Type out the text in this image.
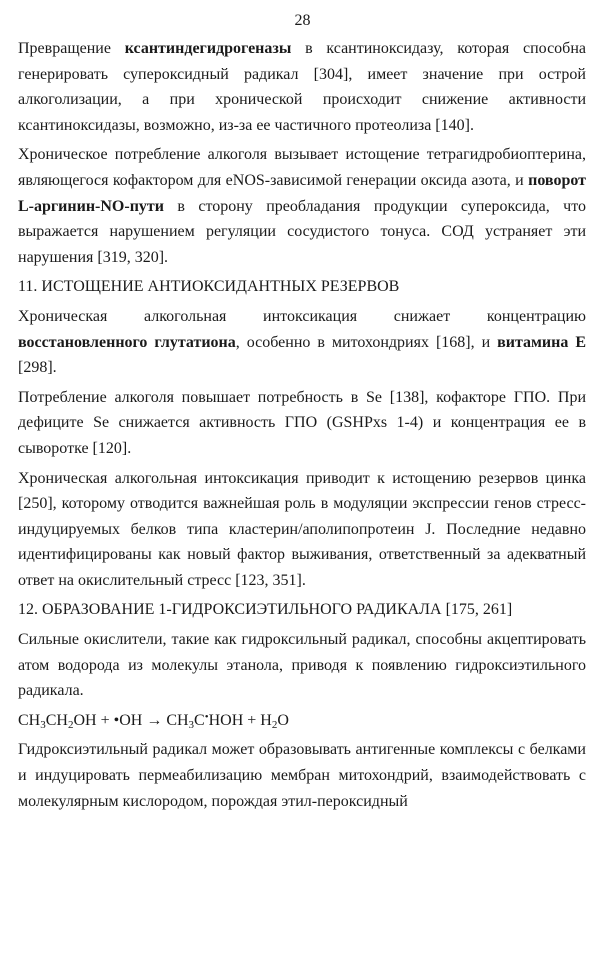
28

Превращение ксантиндегидрогеназы в ксантиноксидазу, которая способна генерировать супероксидный радикал [304], имеет значение при острой алкоголизации, а при хронической происходит снижение активности ксантиноксидазы, возможно, из-за ее частичного протеолиза [140].

Хроническое потребление алкоголя вызывает истощение тетрагидробиоптерина, являющегося кофактором для eNOS-зависимой генерации оксида азота, и поворот L-аргинин-NO-пути в сторону преобладания продукции супероксида, что выражается нарушением регуляции сосудистого тонуса. СОД устраняет эти нарушения [319, 320].

11. ИСТОЩЕНИЕ АНТИОКСИДАНТНЫХ РЕЗЕРВОВ

Хроническая алкогольная интоксикация снижает концентрацию восстановленного глутатиона, особенно в митохондриях [168], и витамина Е [298].

Потребление алкоголя повышает потребность в Se [138], кофакторе ГПО. При дефиците Se снижается активность ГПО (GSHPxs 1-4) и концентрация ее в сыворотке [120].

Хроническая алкогольная интоксикация приводит к истощению резервов цинка [250], которому отводится важнейшая роль в модуляции экспрессии генов стресс-индуцируемых белков типа кластерин/аполипопротеин J. Последние недавно идентифицированы как новый фактор выживания, ответственный за адекватный ответ на окислительный стресс [123, 351].

12. ОБРАЗОВАНИЕ 1-ГИДРОКСИЭТИЛЬНОГО РАДИКАЛА [175, 261]

Сильные окислители, такие как гидроксильный радикал, способны акцептировать атом водорода из молекулы этанола, приводя к появлению гидроксиэтильного радикала.

$CH_3CH_2OH$ + •OH → $CH_3C^•HOH + H_2O$

Гидроксиэтильный радикал может образовывать антигенные комплексы с белками и индуцировать пермеабилизацию мембран митохондрий, взаимодействовать с молекулярным кислородом, порождая этил-пероксидный
